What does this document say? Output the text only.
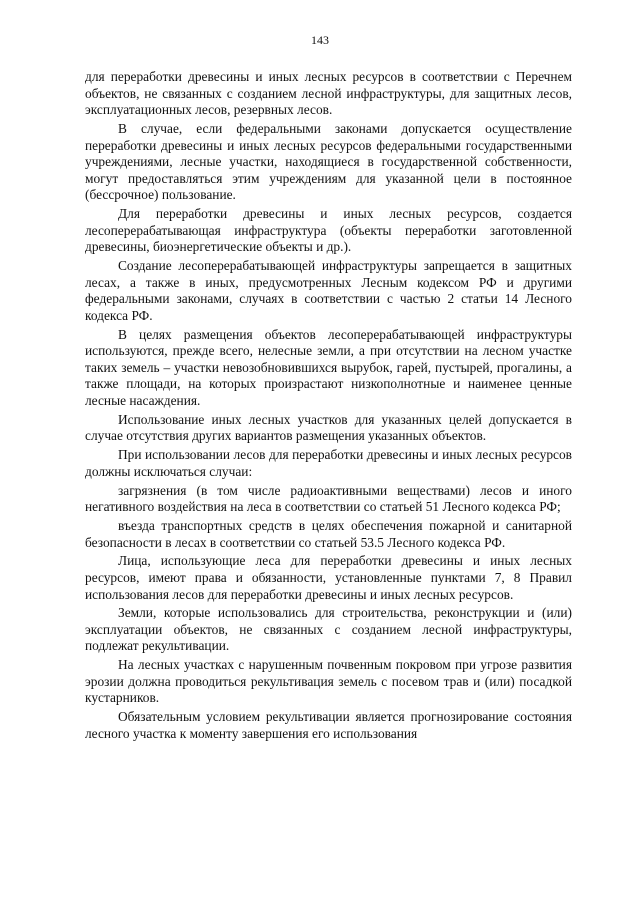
143

для переработки древесины и иных лесных ресурсов в соответствии с Перечнем объектов, не связанных с созданием лесной инфраструктуры, для защитных лесов, эксплуатационных лесов, резервных лесов.

В случае, если федеральными законами допускается осуществление переработки древесины и иных лесных ресурсов федеральными государственными учреждениями, лесные участки, находящиеся в государственной собственности, могут предоставляться этим учреждениям для указанной цели в постоянное (бессрочное) пользование.

Для переработки древесины и иных лесных ресурсов, создается лесоперерабатывающая инфраструктура (объекты переработки заготовленной древесины, биоэнергетические объекты и др.).

Создание лесоперерабатывающей инфраструктуры запрещается в защитных лесах, а также в иных, предусмотренных Лесным кодексом РФ и другими федеральными законами, случаях в соответствии с частью 2 статьи 14 Лесного кодекса РФ.

В целях размещения объектов лесоперерабатывающей инфраструктуры используются, прежде всего, нелесные земли, а при отсутствии на лесном участке таких земель – участки невозобновившихся вырубок, гарей, пустырей, прогалины, а также площади, на которых произрастают низкополнотные и наименее ценные лесные насаждения.

Использование иных лесных участков для указанных целей допускается в случае отсутствия других вариантов размещения указанных объектов.

При использовании лесов для переработки древесины и иных лесных ресурсов должны исключаться случаи:

загрязнения (в том числе радиоактивными веществами) лесов и иного негативного воздействия на леса в соответствии со статьей 51 Лесного кодекса РФ;

въезда транспортных средств в целях обеспечения пожарной и санитарной безопасности в лесах в соответствии со статьей 53.5 Лесного кодекса РФ.

Лица, использующие леса для переработки древесины и иных лесных ресурсов, имеют права и обязанности, установленные пунктами 7, 8 Правил использования лесов для переработки древесины и иных лесных ресурсов.

Земли, которые использовались для строительства, реконструкции и (или) эксплуатации объектов, не связанных с созданием лесной инфраструктуры, подлежат рекультивации.

На лесных участках с нарушенным почвенным покровом при угрозе развития эрозии должна проводиться рекультивация земель с посевом трав и (или) посадкой кустарников.

Обязательным условием рекультивации является прогнозирование состояния лесного участка к моменту завершения его использования
